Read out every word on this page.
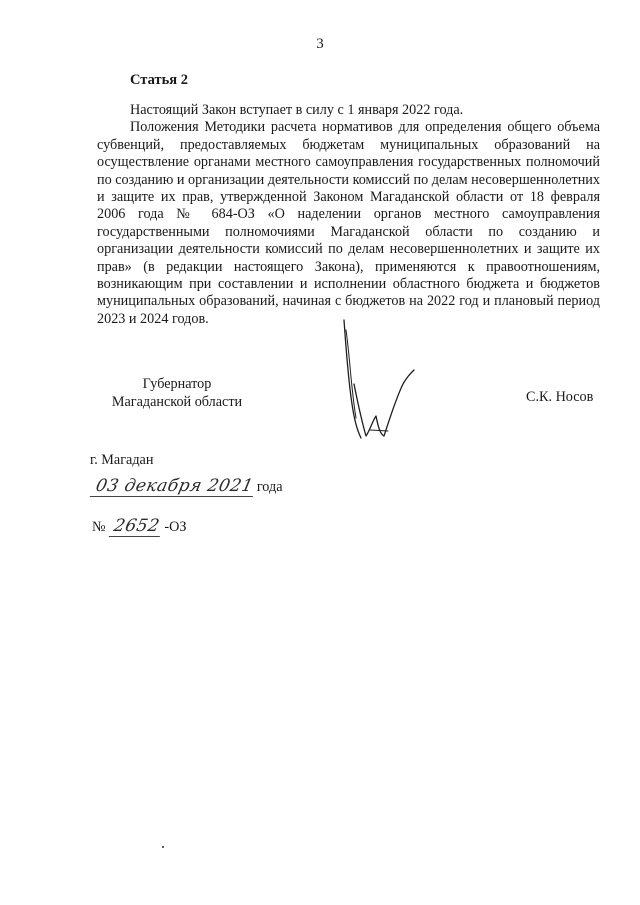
3
Статья 2

Настоящий Закон вступает в силу с 1 января 2022 года.

Положения Методики расчета нормативов для определения общего объема субвенций, предоставляемых бюджетам муниципальных образований на осуществление органами местного самоуправления государственных полномочий по созданию и организации деятельности комиссий по делам несовершеннолетних и защите их прав, утвержденной Законом Магаданской области от 18 февраля 2006 года № 684-ОЗ «О наделении органов местного самоуправления государственными полномочиями Магаданской области по созданию и организации деятельности комиссий по делам несовершеннолетних и защите их прав» (в редакции настоящего Закона), применяются к правоотношениям, возникающим при составлении и исполнении областного бюджета и бюджетов муниципальных образований, начиная с бюджетов на 2022 год и плановый период 2023 и 2024 годов.

Губернатор
Магаданской области	С.К. Носов
г. Магадан
03 декабря 2021 года
№ 2652 -ОЗ
